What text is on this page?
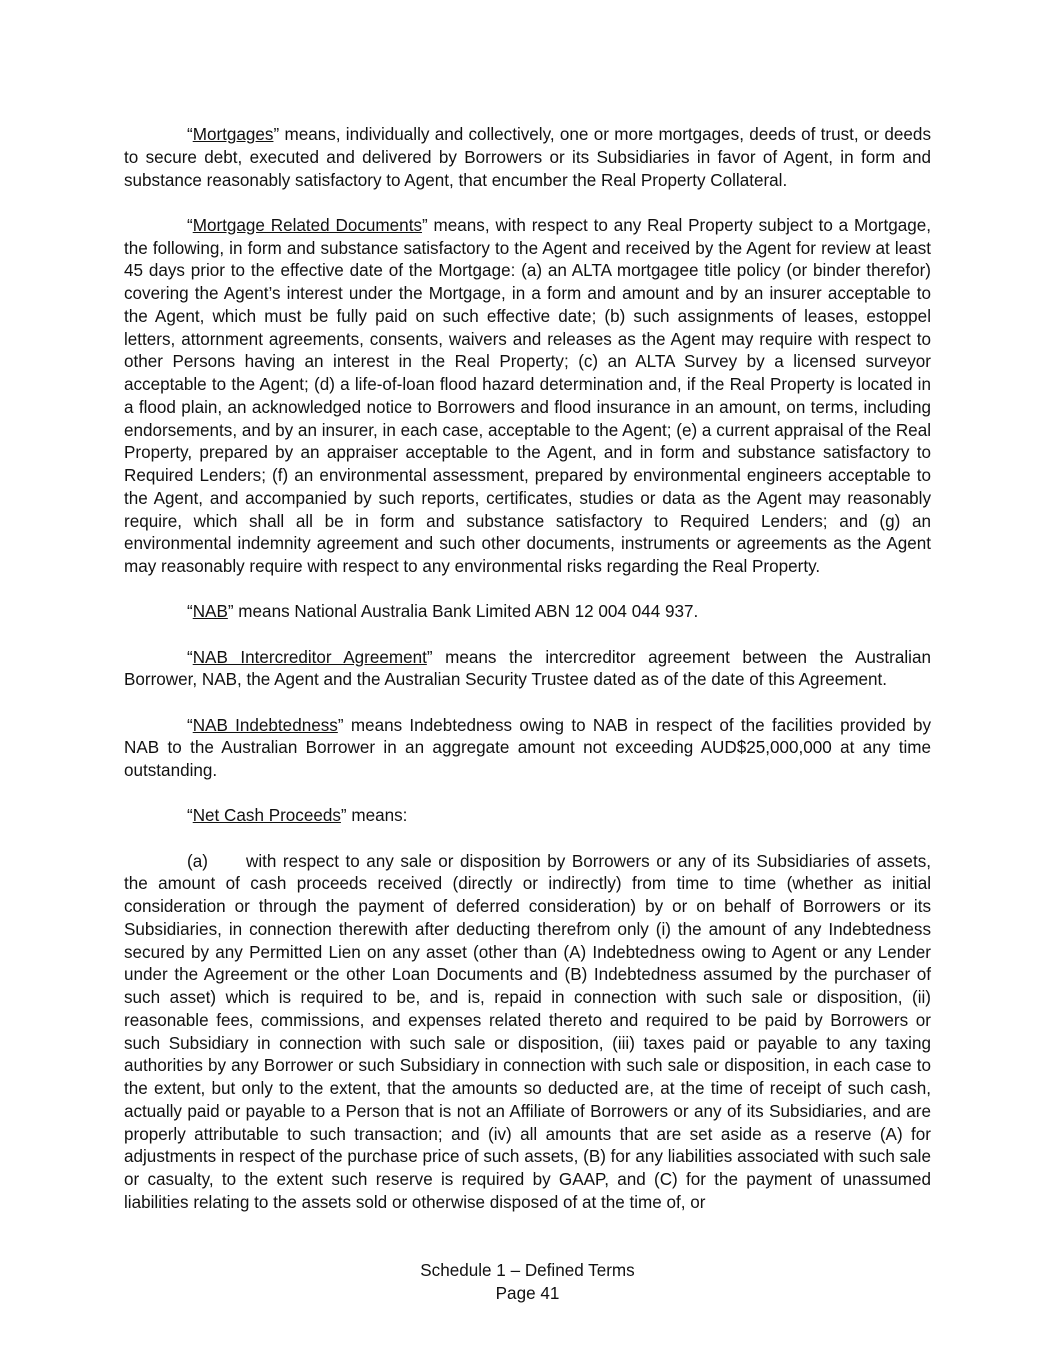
“Mortgages” means, individually and collectively, one or more mortgages, deeds of trust, or deeds to secure debt, executed and delivered by Borrowers or its Subsidiaries in favor of Agent, in form and substance reasonably satisfactory to Agent, that encumber the Real Property Collateral.

“Mortgage Related Documents” means, with respect to any Real Property subject to a Mortgage, the following, in form and substance satisfactory to the Agent and received by the Agent for review at least 45 days prior to the effective date of the Mortgage: (a) an ALTA mortgagee title policy (or binder therefor) covering the Agent’s interest under the Mortgage, in a form and amount and by an insurer acceptable to the Agent, which must be fully paid on such effective date; (b) such assignments of leases, estoppel letters, attornment agreements, consents, waivers and releases as the Agent may require with respect to other Persons having an interest in the Real Property; (c) an ALTA Survey by a licensed surveyor acceptable to the Agent; (d) a life-of-loan flood hazard determination and, if the Real Property is located in a flood plain, an acknowledged notice to Borrowers and flood insurance in an amount, on terms, including endorsements, and by an insurer, in each case, acceptable to the Agent; (e) a current appraisal of the Real Property, prepared by an appraiser acceptable to the Agent, and in form and substance satisfactory to Required Lenders; (f) an environmental assessment, prepared by environmental engineers acceptable to the Agent, and accompanied by such reports, certificates, studies or data as the Agent may reasonably require, which shall all be in form and substance satisfactory to Required Lenders; and (g) an environmental indemnity agreement and such other documents, instruments or agreements as the Agent may reasonably require with respect to any environmental risks regarding the Real Property.

“NAB” means National Australia Bank Limited ABN 12 004 044 937.

“NAB Intercreditor Agreement” means the intercreditor agreement between the Australian Borrower, NAB, the Agent and the Australian Security Trustee dated as of the date of this Agreement.

“NAB Indebtedness” means Indebtedness owing to NAB in respect of the facilities provided by NAB to the Australian Borrower in an aggregate amount not exceeding AUD$25,000,000 at any time outstanding.

“Net Cash Proceeds” means:

(a) with respect to any sale or disposition by Borrowers or any of its Subsidiaries of assets, the amount of cash proceeds received (directly or indirectly) from time to time (whether as initial consideration or through the payment of deferred consideration) by or on behalf of Borrowers or its Subsidiaries, in connection therewith after deducting therefrom only (i) the amount of any Indebtedness secured by any Permitted Lien on any asset (other than (A) Indebtedness owing to Agent or any Lender under the Agreement or the other Loan Documents and (B) Indebtedness assumed by the purchaser of such asset) which is required to be, and is, repaid in connection with such sale or disposition, (ii) reasonable fees, commissions, and expenses related thereto and required to be paid by Borrowers or such Subsidiary in connection with such sale or disposition, (iii) taxes paid or payable to any taxing authorities by any Borrower or such Subsidiary in connection with such sale or disposition, in each case to the extent, but only to the extent, that the amounts so deducted are, at the time of receipt of such cash, actually paid or payable to a Person that is not an Affiliate of Borrowers or any of its Subsidiaries, and are properly attributable to such transaction; and (iv) all amounts that are set aside as a reserve (A) for adjustments in respect of the purchase price of such assets, (B) for any liabilities associated with such sale or casualty, to the extent such reserve is required by GAAP, and (C) for the payment of unassumed liabilities relating to the assets sold or otherwise disposed of at the time of, or

Schedule 1 – Defined Terms
Page 41
